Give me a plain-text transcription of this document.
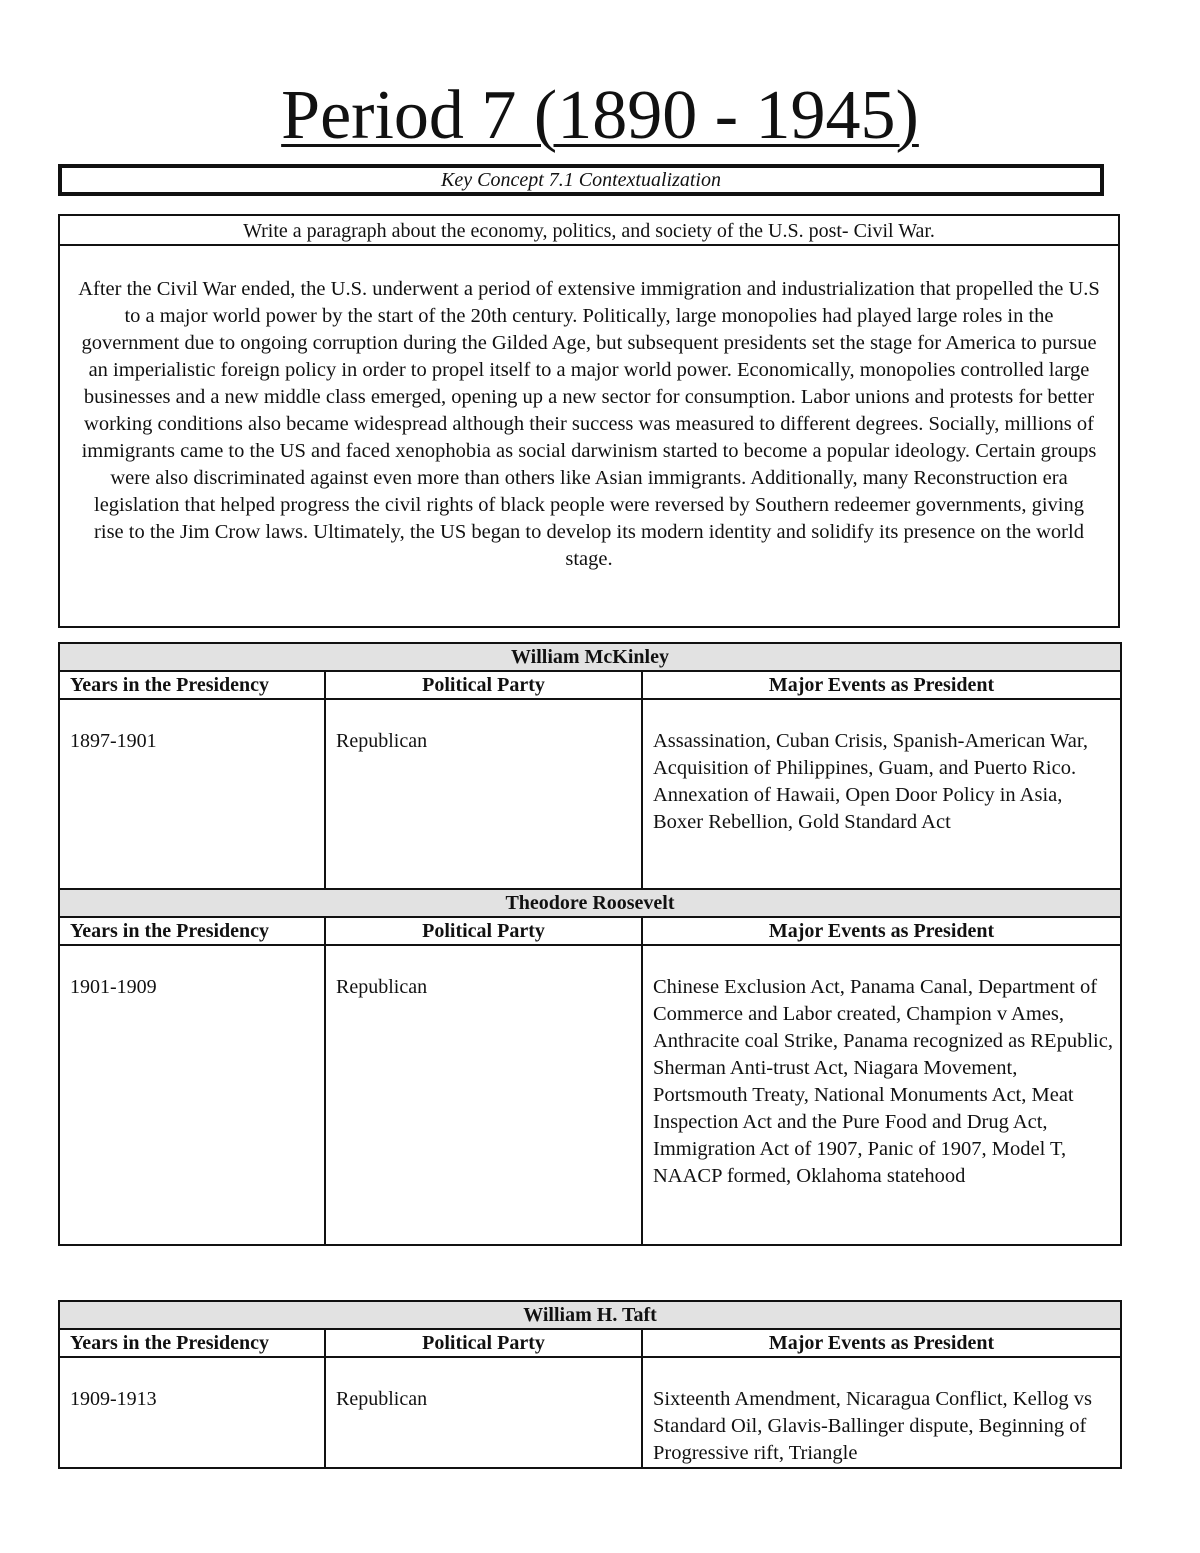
Period 7 (1890 - 1945)
Key Concept 7.1 Contextualization
Write a paragraph about the economy, politics, and society of the U.S. post- Civil War.
After the Civil War ended, the U.S. underwent a period of extensive immigration and industrialization that propelled the U.S to a major world power by the start of the 20th century. Politically, large monopolies had played large roles in the government due to ongoing corruption during the Gilded Age, but subsequent presidents set the stage for America to pursue an imperialistic foreign policy in order to propel itself to a major world power. Economically, monopolies controlled large businesses and a new middle class emerged, opening up a new sector for consumption. Labor unions and protests for better working conditions also became widespread although their success was measured to different degrees. Socially, millions of immigrants came to the US and faced xenophobia as social darwinism started to become a popular ideology. Certain groups were also discriminated against even more than others like Asian immigrants. Additionally, many Reconstruction era legislation that helped progress the civil rights of black people were reversed by Southern redeemer governments, giving rise to the Jim Crow laws. Ultimately, the US began to develop its modern identity and solidify its presence on the world stage.
William McKinley		
Years in the Presidency	Political Party	Major Events as President
1897-1901	Republican	Assassination, Cuban Crisis, Spanish-American War, Acquisition of Philippines, Guam, and Puerto Rico. Annexation of Hawaii, Open Door Policy in Asia, Boxer Rebellion, Gold Standard Act
Theodore Roosevelt		
Years in the Presidency	Political Party	Major Events as President
1901-1909	Republican	Chinese Exclusion Act, Panama Canal, Department of Commerce and Labor created, Champion v Ames, Anthracite coal Strike, Panama recognized as REpublic, Sherman Anti-trust Act, Niagara Movement, Portsmouth Treaty, National Monuments Act, Meat Inspection Act and the Pure Food and Drug Act, Immigration Act of 1907, Panic of 1907, Model T, NAACP formed, Oklahoma statehood
William H. Taft		
Years in the Presidency	Political Party	Major Events as President
1909-1913	Republican	Sixteenth Amendment, Nicaragua Conflict, Kellog vs Standard Oil, Glavis-Ballinger dispute, Beginning of Progressive rift, Triangle
